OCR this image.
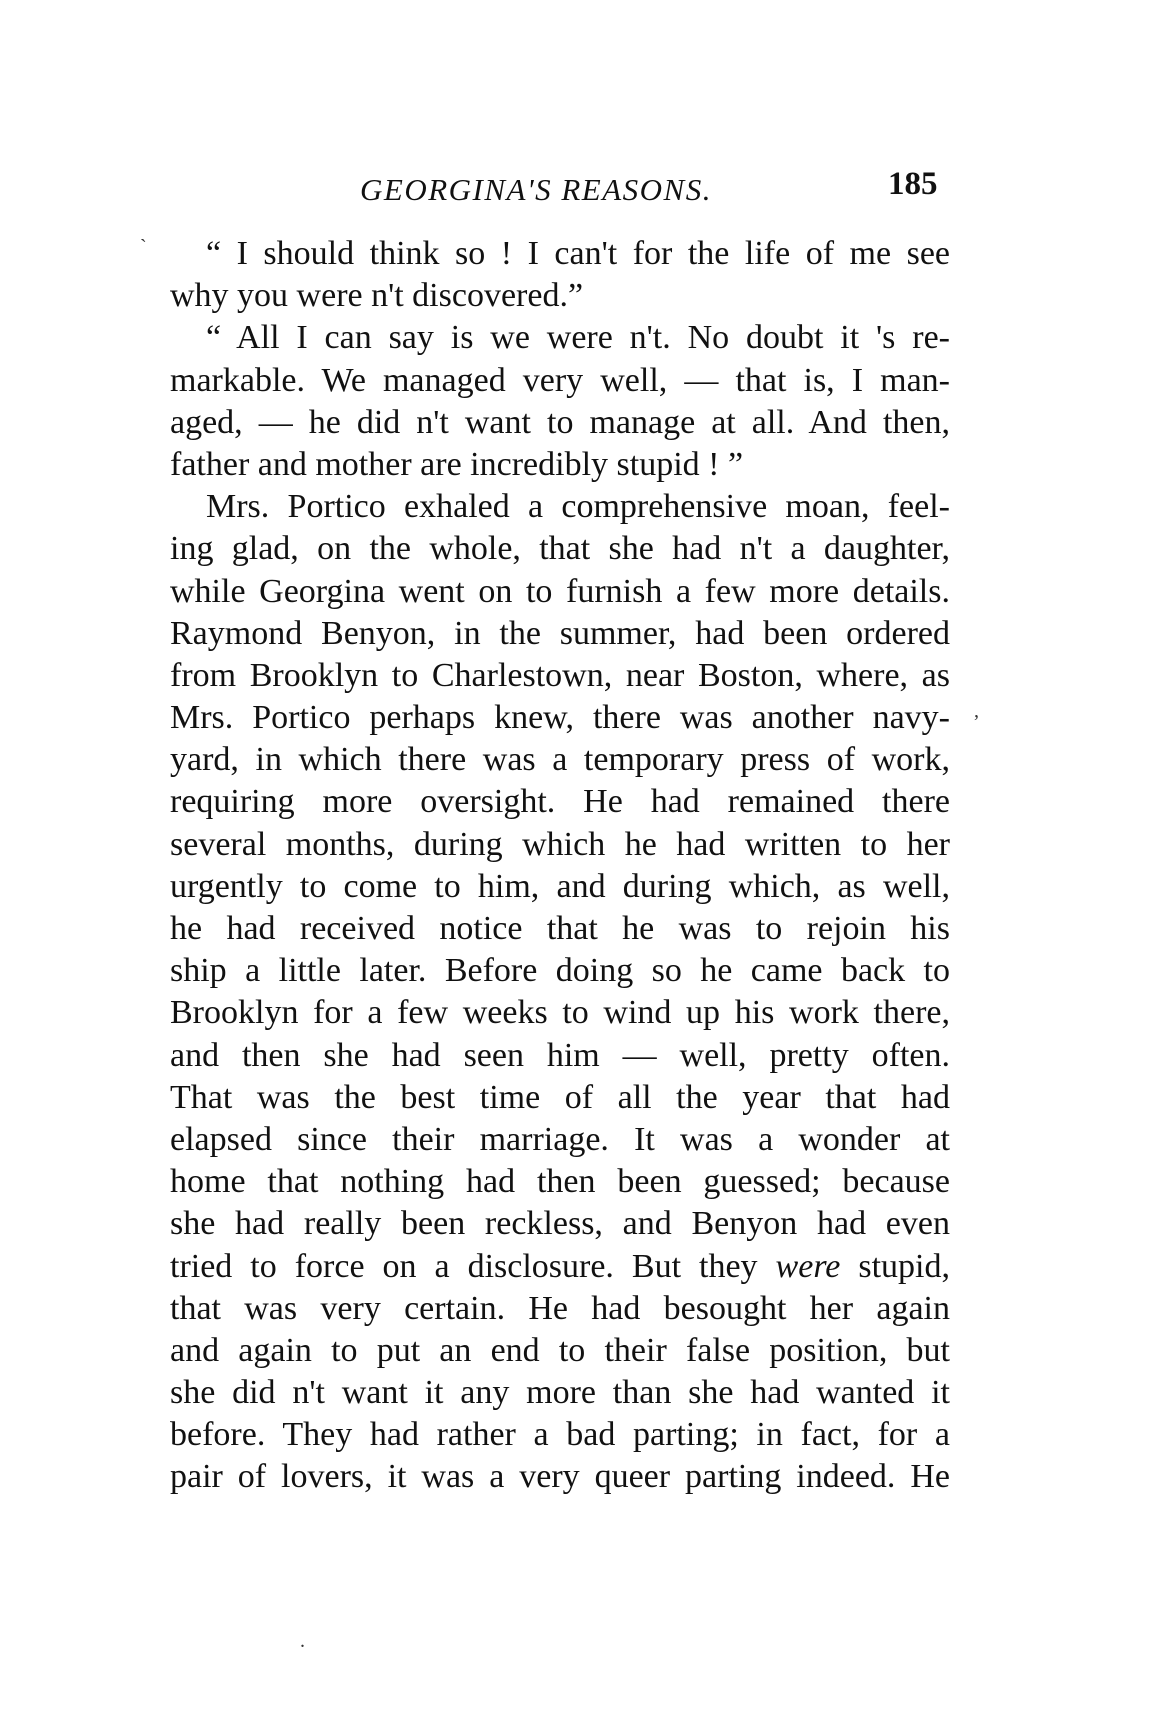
GEORGINA'S REASONS.	185
`	“ I should think so ! I can't for the life of me see
why you were n't discovered.”
“ All I can say is we were n't. No doubt it 's re-
markable. We managed very well, — that is, I man-
aged, — he did n't want to manage at all. And then,
father and mother are incredibly stupid ! ”
Mrs. Portico exhaled a comprehensive moan, feel-
ing glad, on the whole, that she had n't a daughter,
while Georgina went on to furnish a few more details.
Raymond Benyon, in the summer, had been ordered
from Brooklyn to Charlestown, near Boston, where, as
Mrs. Portico perhaps knew, there was another navy-
yard, in which there was a temporary press of work,
requiring more oversight. He had remained there
several months, during which he had written to her
urgently to come to him, and during which, as well,
he had received notice that he was to rejoin his
ship a little later. Before doing so he came back to
Brooklyn for a few weeks to wind up his work there,
and then she had seen him — well, pretty often.
That was the best time of all the year that had
elapsed since their marriage. It was a wonder at
home that nothing had then been guessed; because
she had really been reckless, and Benyon had even
tried to force on a disclosure. But they were stupid,
that was very certain. He had besought her again
and again to put an end to their false position, but
she did n't want it any more than she had wanted it
before. They had rather a bad parting; in fact, for a
pair of lovers, it was a very queer parting indeed. He
,
.
